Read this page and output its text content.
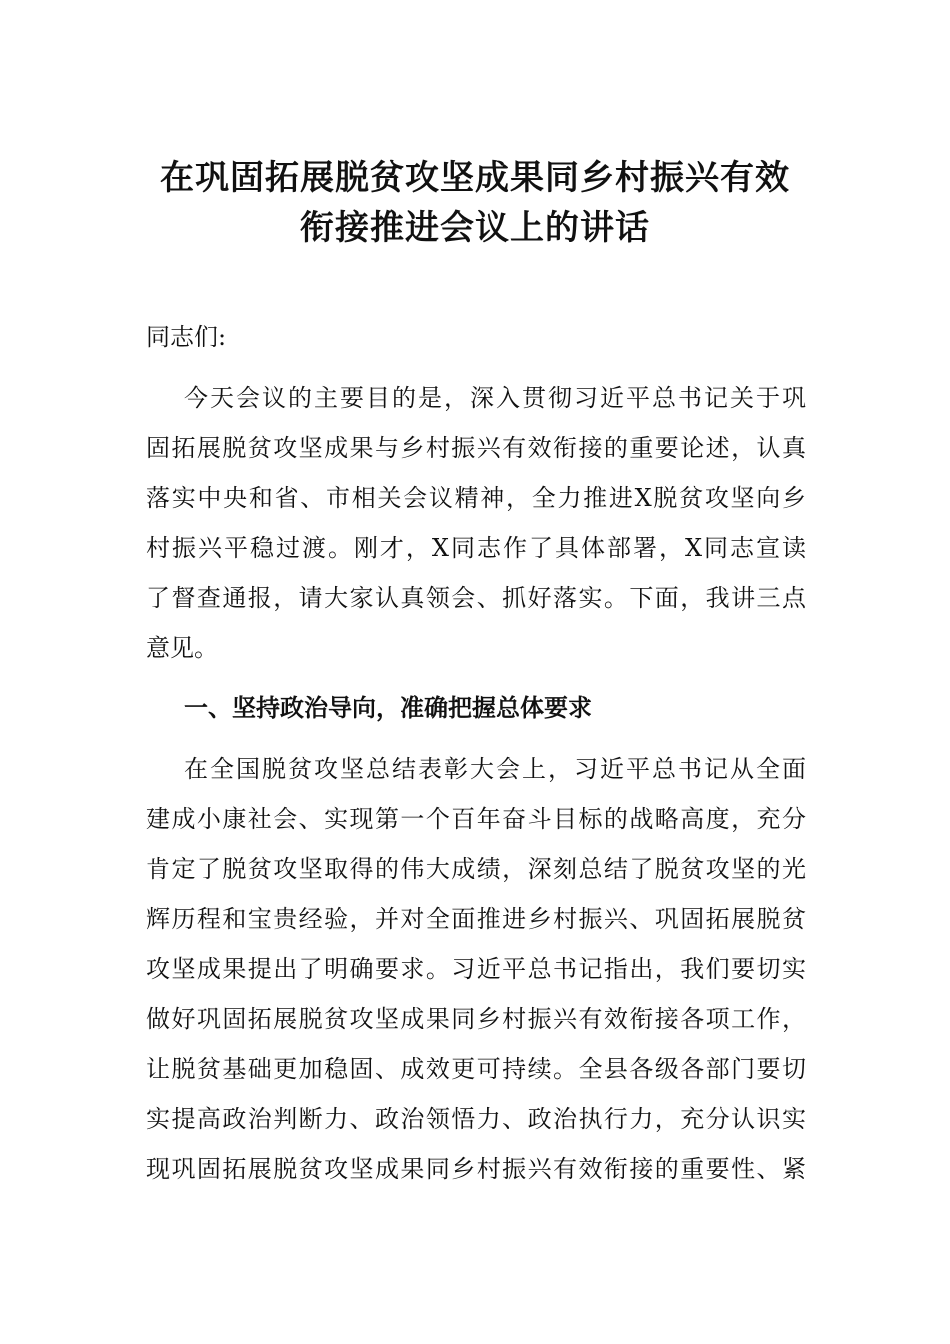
在巩固拓展脱贫攻坚成果同乡村振兴有效
衔接推进会议上的讲话
同志们:
今天会议的主要目的是，深入贯彻习近平总书记关于巩
固拓展脱贫攻坚成果与乡村振兴有效衔接的重要论述，认真
落实中央和省、市相关会议精神，全力推进X脱贫攻坚向乡
村振兴平稳过渡。刚才，X同志作了具体部署，X同志宣读
了督查通报，请大家认真领会、抓好落实。下面，我讲三点
意见。
一、坚持政治导向，准确把握总体要求
在全国脱贫攻坚总结表彰大会上，习近平总书记从全面
建成小康社会、实现第一个百年奋斗目标的战略高度，充分
肯定了脱贫攻坚取得的伟大成绩，深刻总结了脱贫攻坚的光
辉历程和宝贵经验，并对全面推进乡村振兴、巩固拓展脱贫
攻坚成果提出了明确要求。习近平总书记指出，我们要切实
做好巩固拓展脱贫攻坚成果同乡村振兴有效衔接各项工作，
让脱贫基础更加稳固、成效更可持续。全县各级各部门要切
实提高政治判断力、政治领悟力、政治执行力，充分认识实
现巩固拓展脱贫攻坚成果同乡村振兴有效衔接的重要性、紧
